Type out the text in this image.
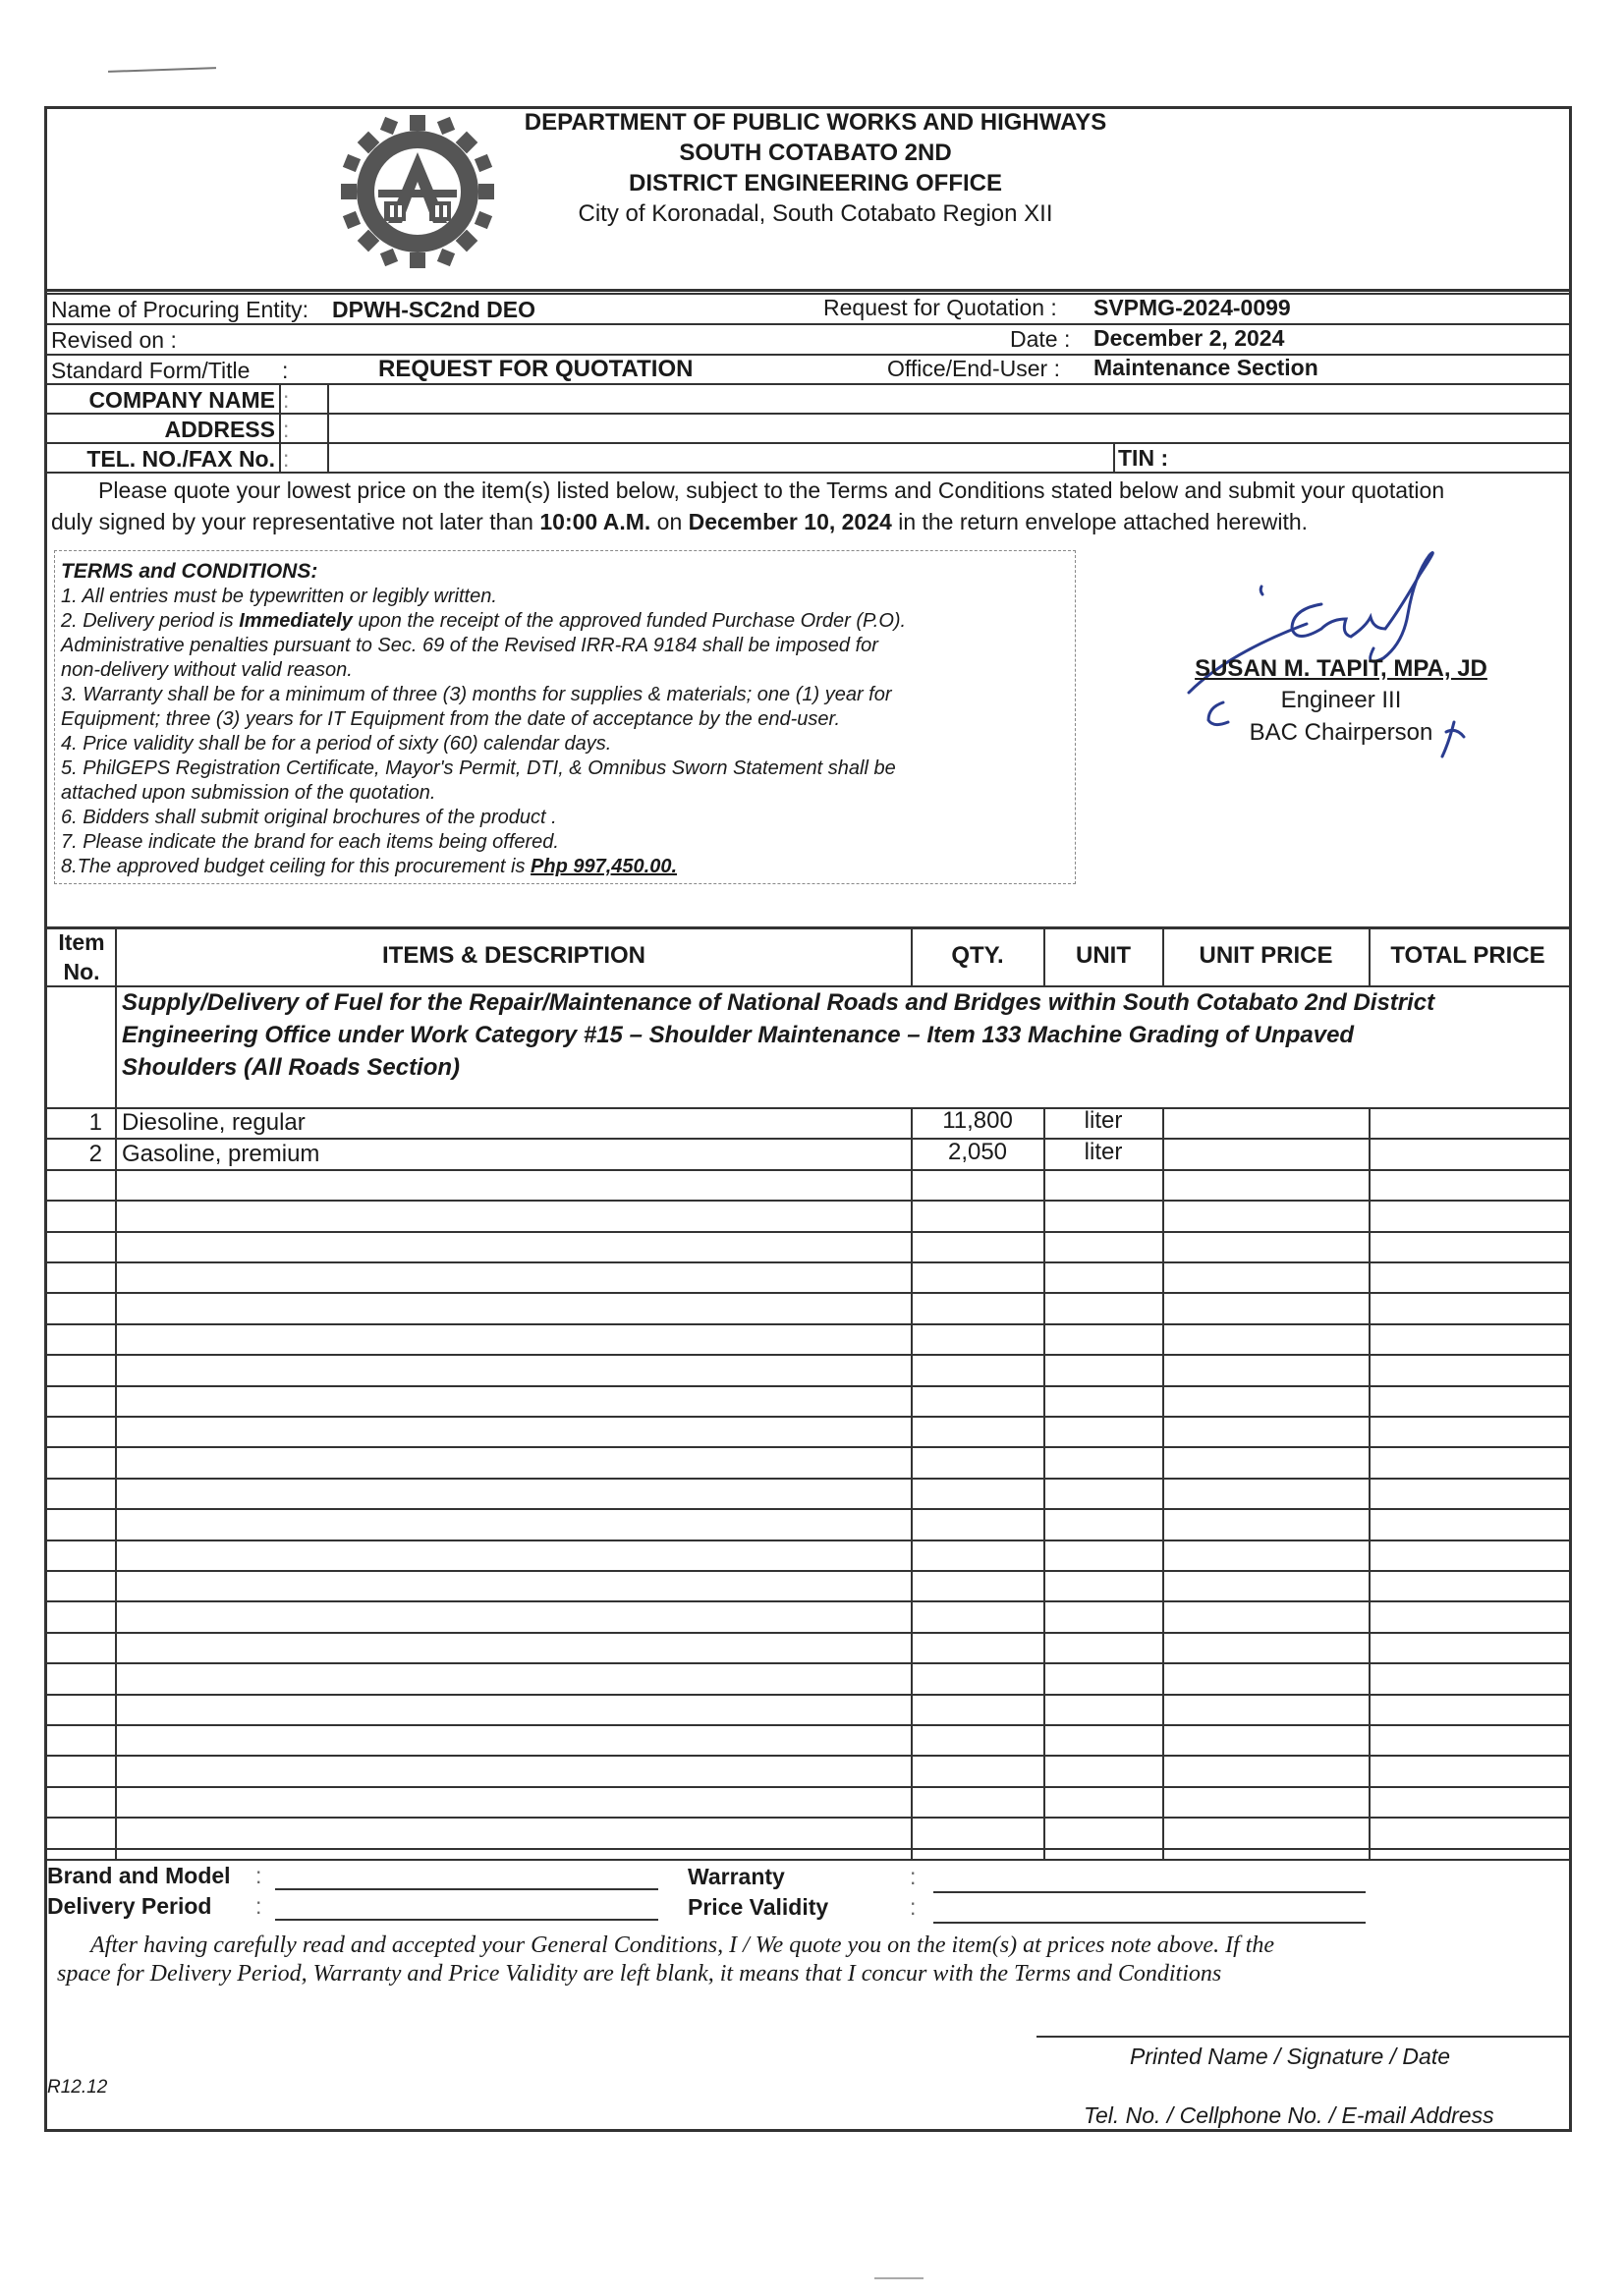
DEPARTMENT OF PUBLIC WORKS AND HIGHWAYS
SOUTH COTABATO 2ND
DISTRICT ENGINEERING OFFICE
City of Koronadal, South Cotabato Region XII
Name of Procuring Entity: DPWH-SC2nd DEO	Request for Quotation : SVPMG-2024-0099
Revised on :	Date : December 2, 2024
Standard Form/Title :	REQUEST FOR QUOTATION	Office/End-User : Maintenance Section
COMPANY NAME :
ADDRESS :
TEL. NO./FAX No. :	TIN :
Please quote your lowest price on the item(s) listed below, subject to the Terms and Conditions stated below and submit your quotation
duly signed by your representative not later than 10:00 A.M. on December 10, 2024 in the return envelope attached herewith.
TERMS and CONDITIONS:
1. All entries must be typewritten or legibly written.
2. Delivery period is Immediately upon the receipt of the approved funded Purchase Order (P.O).
Administrative penalties pursuant to Sec. 69 of the Revised IRR-RA 9184 shall be imposed for
non-delivery without valid reason.
3. Warranty shall be for a minimum of three (3) months for supplies & materials; one (1) year for
Equipment; three (3) years for IT Equipment from the date of acceptance by the end-user.
4. Price validity shall be for a period of sixty (60) calendar days.
5. PhilGEPS Registration Certificate, Mayor's Permit, DTI, & Omnibus Sworn Statement shall be
attached upon submission of the quotation.
6. Bidders shall submit original brochures of the product .
7. Please indicate the brand for each items being offered.
8.The approved budget ceiling for this procurement is Php 997,450.00.
SUSAN M. TAPIT, MPA, JD
Engineer III
BAC Chairperson
Item
No.
ITEMS & DESCRIPTION	QTY.	UNIT	UNIT PRICE	TOTAL PRICE
Supply/Delivery of Fuel for the Repair/Maintenance of National Roads and Bridges within South Cotabato 2nd District
Engineering Office under Work Category #15 – Shoulder Maintenance – Item 133 Machine Grading of Unpaved
Shoulders (All Roads Section)
1 Diesoline, regular	11,800	liter
2 Gasoline, premium	2,050	liter
Brand and Model :
Delivery Period :
Warranty	:
Price Validity	:
After having carefully read and accepted your General Conditions, I / We quote you on the item(s) at prices note above. If the
space for Delivery Period, Warranty and Price Validity are left blank, it means that I concur with the Terms and Conditions
Printed Name / Signature / Date
R12.12
Tel. No. / Cellphone No. / E-mail Address
